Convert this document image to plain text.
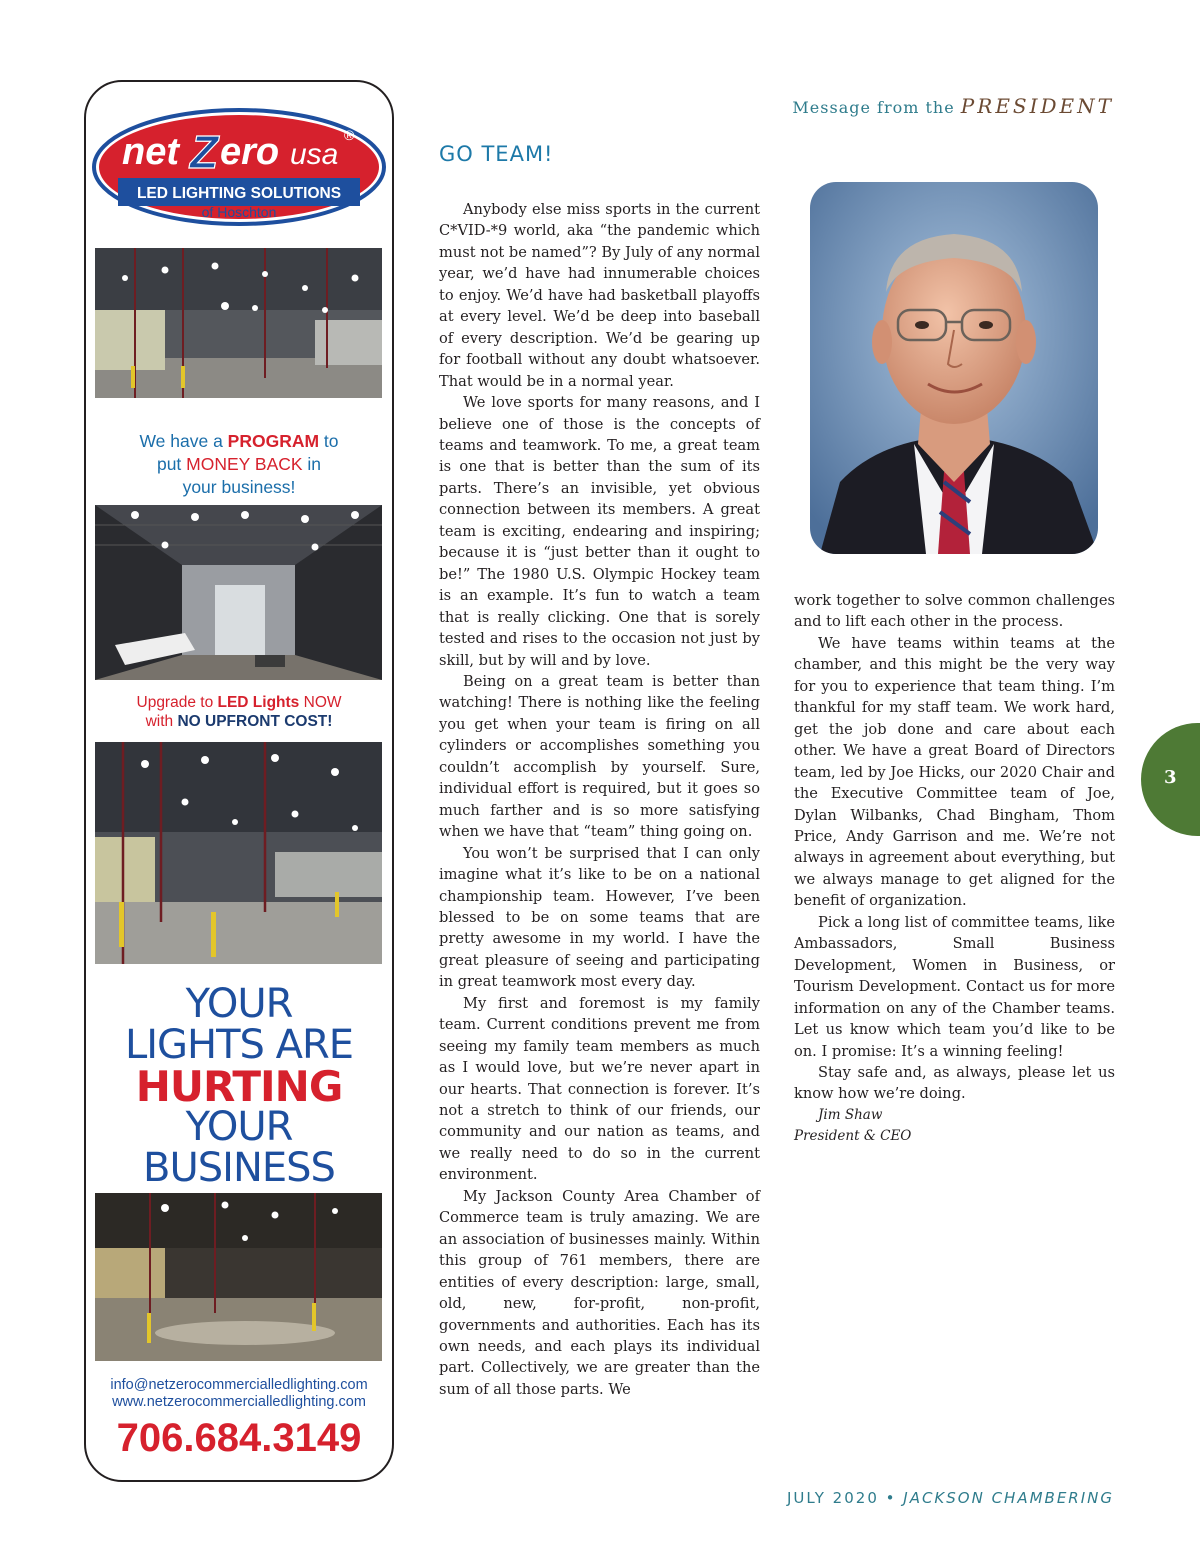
Message from the PRESIDENT
GO TEAM!

Anybody else miss sports in the current C*VID-*9 world, aka “the pandemic which must not be named”? By July of any normal year, we’d have had innumerable choices to enjoy. We’d have had basketball playoffs at every level. We’d be deep into baseball of every description. We’d be gearing up for football without any doubt whatsoever. That would be in a normal year.

We love sports for many reasons, and I believe one of those is the concepts of teams and teamwork. To me, a great team is one that is better than the sum of its parts. There’s an invisible, yet obvious connection between its members. A great team is exciting, endearing and inspiring; because it is “just better than it ought to be!” The 1980 U.S. Olympic Hockey team is an example. It’s fun to watch a team that is really clicking. One that is sorely tested and rises to the occasion not just by skill, but by will and by love.

Being on a great team is better than watching! There is nothing like the feeling you get when your team is firing on all cylinders or accomplishes something you couldn’t accomplish by yourself. Sure, individual effort is required, but it goes so much farther and is so more satisfying when we have that “team” thing going on.

You won’t be surprised that I can only imagine what it’s like to be on a national championship team. However, I’ve been blessed to be on some teams that are pretty awesome in my world. I have the great pleasure of seeing and participating in great teamwork most every day.

My first and foremost is my family team. Current conditions prevent me from seeing my family team members as much as I would love, but we’re never apart in our hearts. That connection is forever. It’s not a stretch to think of our friends, our community and our nation as teams, and we really need to do so in the current environment.

My Jackson County Area Chamber of Commerce team is truly amazing. We are an association of businesses mainly. Within this group of 761 members, there are entities of every description: large, small, old, new, for-profit, non-profit, governments and authorities. Each has its own needs, and each plays its individual part. Collectively, we are greater than the sum of all those parts. We

work together to solve common challenges and to lift each other in the process.

We have teams within teams at the chamber, and this might be the very way for you to experience that team thing. I’m thankful for my staff team. We work hard, get the job done and care about each other. We have a great Board of Directors team, led by Joe Hicks, our 2020 Chair and the Executive Committee team of Joe, Dylan Wilbanks, Chad Bingham, Thom Price, Andy Garrison and me. We’re not always in agreement about everything, but we always manage to get aligned for the benefit of organization.

Pick a long list of committee teams, like Ambassadors, Small Business Development, Women in Business, or Tourism Development. Contact us for more information on any of the Chamber teams. Let us know which team you’d like to be on. I promise: It’s a winning feeling!

Stay safe and, as always, please let us know how we’re doing.

Jim Shaw
President & CEO

3
JULY 2020 • JACKSON CHAMBERING
net Z ero usa
®
LED LIGHTING SOLUTIONS
of Hoschton
We have a PROGRAM to
put MONEY BACK in
your business!
Upgrade to LED Lights NOW
with NO UPFRONT COST!
YOUR
LIGHTS ARE
HURTING
YOUR
BUSINESS
info@netzerocommercialledlighting.com
www.netzerocommercialledlighting.com
706.684.3149
